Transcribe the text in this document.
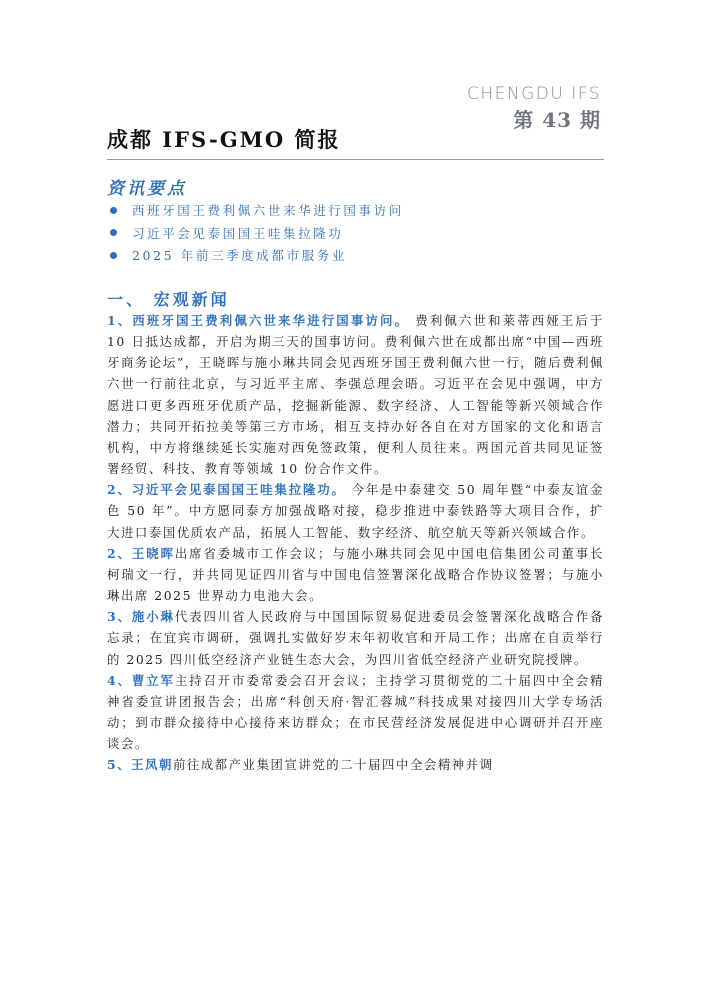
CHENGDU IFS
第 43 期
成都 IFS-GMO 简报
资讯要点
西班牙国王费利佩六世来华进行国事访问
习近平会见泰国国王哇集拉隆功
2025 年前三季度成都市服务业
一、 宏观新闻

1、西班牙国王费利佩六世来华进行国事访问。 费利佩六世和莱蒂西娅王后于 10 日抵达成都，开启为期三天的国事访问。费利佩六世在成都出席“中国—西班牙商务论坛”，王晓晖与施小琳共同会见西班牙国王费利佩六世一行，随后费利佩六世一行前往北京，与习近平主席、李强总理会晤。习近平在会见中强调，中方愿进口更多西班牙优质产品，挖掘新能源、数字经济、人工智能等新兴领域合作潜力；共同开拓拉美等第三方市场，相互支持办好各自在对方国家的文化和语言机构，中方将继续延长实施对西免签政策，便利人员往来。两国元首共同见证签署经贸、科技、教育等领域 10 份合作文件。

2、习近平会见泰国国王哇集拉隆功。 今年是中泰建交 50 周年暨“中泰友谊金色 50 年”。中方愿同泰方加强战略对接，稳步推进中泰铁路等大项目合作，扩大进口泰国优质农产品，拓展人工智能、数字经济、航空航天等新兴领域合作。

2、王晓晖出席省委城市工作会议；与施小琳共同会见中国电信集团公司董事长柯瑞文一行，并共同见证四川省与中国电信签署深化战略合作协议签署；与施小琳出席 2025 世界动力电池大会。

3、施小琳代表四川省人民政府与中国国际贸易促进委员会签署深化战略合作备忘录；在宜宾市调研，强调扎实做好岁末年初收官和开局工作；出席在自贡举行的 2025 四川低空经济产业链生态大会，为四川省低空经济产业研究院授牌。

4、曹立军主持召开市委常委会召开会议；主持学习贯彻党的二十届四中全会精神省委宣讲团报告会；出席“科创天府·智汇蓉城”科技成果对接四川大学专场活动；到市群众接待中心接待来访群众；在市民营经济发展促进中心调研并召开座谈会。

5、王凤朝前往成都产业集团宣讲党的二十届四中全会精神并调
